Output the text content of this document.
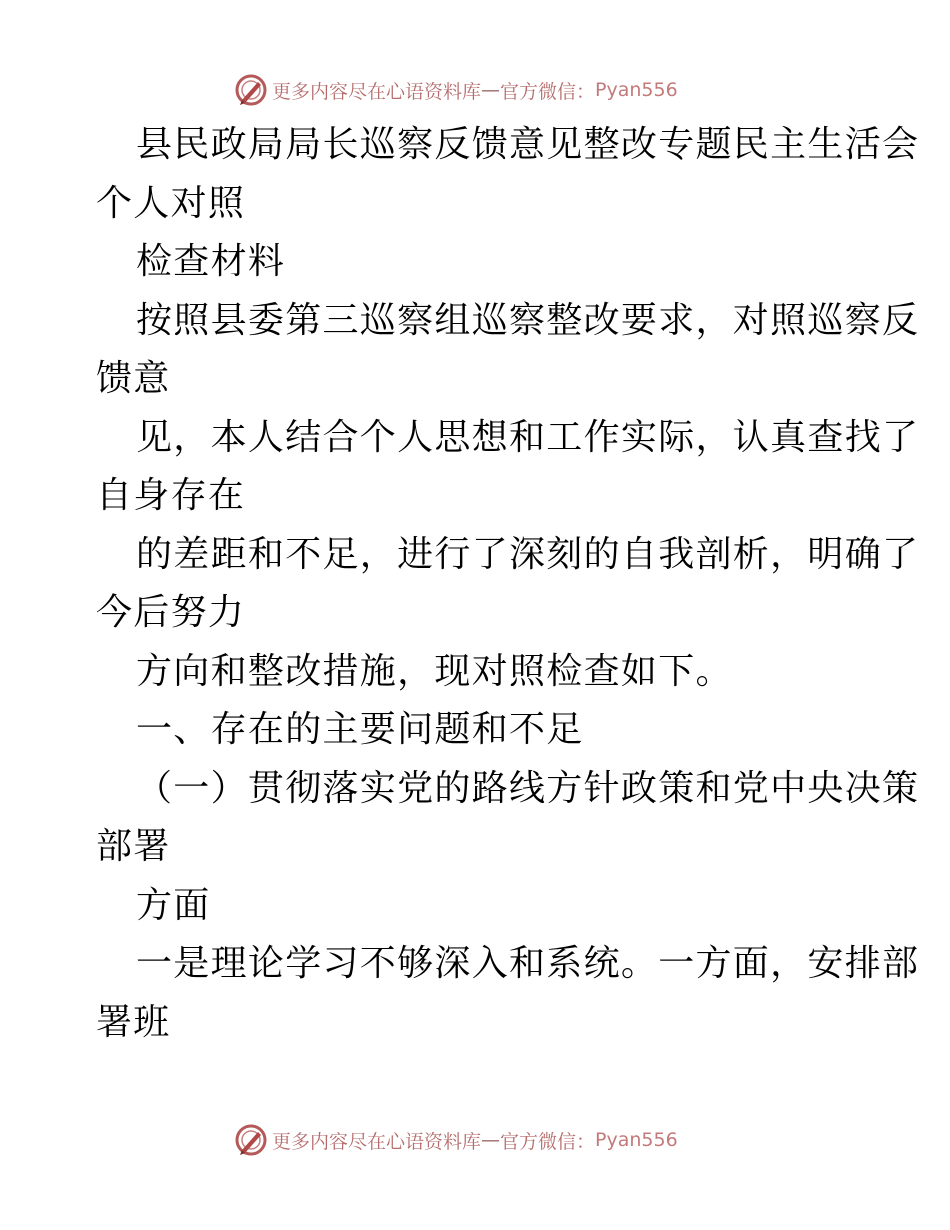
更多内容尽在心语资料库 — 官方微信： Pyan556
县民政局局长巡察反馈意见整改专题民主生活会
个人对照
检查材料
按照县委第三巡察组巡察整改要求，对照巡察反
馈意
见，本人结合个人思想和工作实际，认真查找了
自身存在
的差距和不足，进行了深刻的自我剖析，明确了
今后努力
方向和整改措施，现对照检查如下。
一、存在的主要问题和不足
（一）贯彻落实党的路线方针政策和党中央决策
部署
方面
一是理论学习不够深入和系统。一方面，安排部
署班
更多内容尽在心语资料库 — 官方微信： Pyan556
